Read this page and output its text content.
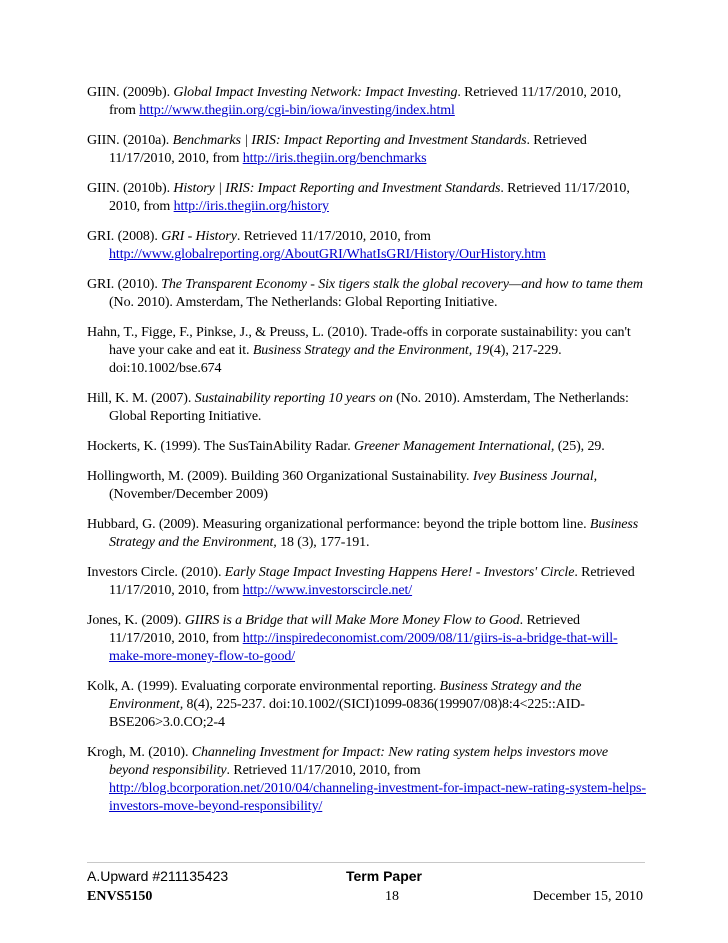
GIIN. (2009b). Global Impact Investing Network: Impact Investing. Retrieved 11/17/2010, 2010, from http://www.thegiin.org/cgi-bin/iowa/investing/index.html

GIIN. (2010a). Benchmarks | IRIS: Impact Reporting and Investment Standards. Retrieved 11/17/2010, 2010, from http://iris.thegiin.org/benchmarks

GIIN. (2010b). History | IRIS: Impact Reporting and Investment Standards. Retrieved 11/17/2010, 2010, from http://iris.thegiin.org/history

GRI. (2008). GRI - History. Retrieved 11/17/2010, 2010, from http://www.globalreporting.org/AboutGRI/WhatIsGRI/History/OurHistory.htm

GRI. (2010). The Transparent Economy - Six tigers stalk the global recovery—and how to tame them (No. 2010). Amsterdam, The Netherlands: Global Reporting Initiative.

Hahn, T., Figge, F., Pinkse, J., & Preuss, L. (2010). Trade-offs in corporate sustainability: you can't have your cake and eat it. Business Strategy and the Environment, 19(4), 217-229. doi:10.1002/bse.674

Hill, K. M. (2007). Sustainability reporting 10 years on (No. 2010). Amsterdam, The Netherlands: Global Reporting Initiative.

Hockerts, K. (1999). The SusTainAbility Radar. Greener Management International, (25), 29.

Hollingworth, M. (2009). Building 360 Organizational Sustainability. Ivey Business Journal, (November/December 2009)

Hubbard, G. (2009). Measuring organizational performance: beyond the triple bottom line. Business Strategy and the Environment, 18 (3), 177-191.

Investors Circle. (2010). Early Stage Impact Investing Happens Here! - Investors' Circle. Retrieved 11/17/2010, 2010, from http://www.investorscircle.net/

Jones, K. (2009). GIIRS is a Bridge that will Make More Money Flow to Good. Retrieved 11/17/2010, 2010, from http://inspiredeconomist.com/2009/08/11/giirs-is-a-bridge-that-will-make-more-money-flow-to-good/

Kolk, A. (1999). Evaluating corporate environmental reporting. Business Strategy and the Environment, 8(4), 225-237. doi:10.1002/(SICI)1099-0836(199907/08)8:4<225::AID-BSE206>3.0.CO;2-4

Krogh, M. (2010). Channeling Investment for Impact: New rating system helps investors move beyond responsibility. Retrieved 11/17/2010, 2010, from http://blog.bcorporation.net/2010/04/channeling-investment-for-impact-new-rating-system-helps-investors-move-beyond-responsibility/

A.Upward #211135423	Term Paper
ENVS5150	18	December 15, 2010
